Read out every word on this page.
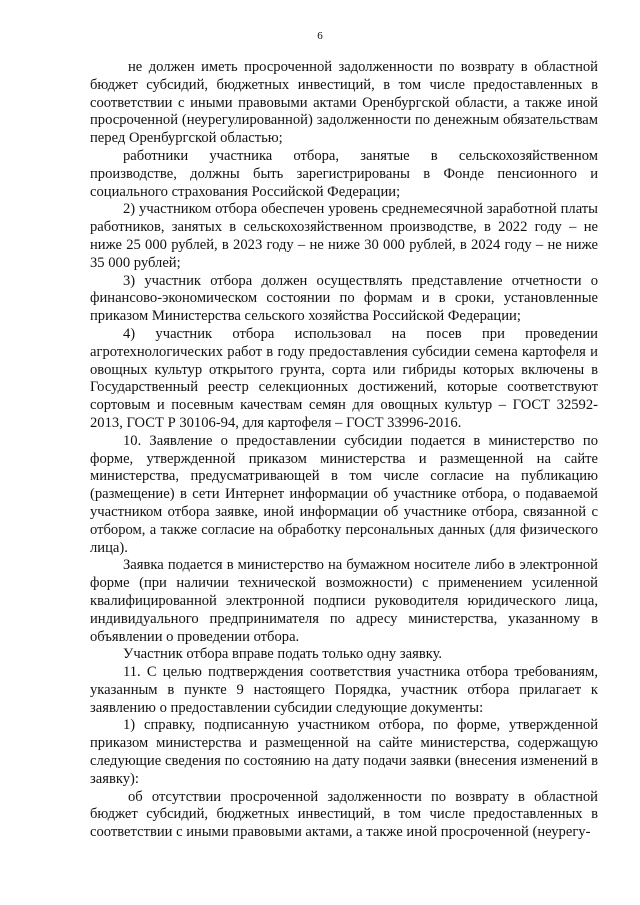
6

не должен иметь просроченной задолженности по возврату в областной бюджет субсидий, бюджетных инвестиций, в том числе предоставленных в соответствии с иными правовыми актами Оренбургской области, а также иной просроченной (неурегулированной) задолженности по денежным обязательствам перед Оренбургской областью;

работники участника отбора, занятые в сельскохозяйственном производстве, должны быть зарегистрированы в Фонде пенсионного и социального страхования Российской Федерации;

2) участником отбора обеспечен уровень среднемесячной заработной платы работников, занятых в сельскохозяйственном производстве, в 2022 году – не ниже 25 000 рублей, в 2023 году – не ниже 30 000 рублей, в 2024 году – не ниже 35 000 рублей;

3) участник отбора должен осуществлять представление отчетности о финансово-экономическом состоянии по формам и в сроки, установленные приказом Министерства сельского хозяйства Российской Федерации;

4) участник отбора использовал на посев при проведении агротехнологических работ в году предоставления субсидии семена картофеля и овощных культур открытого грунта, сорта или гибриды которых включены в Государственный реестр селекционных достижений, которые соответствуют сортовым и посевным качествам семян для овощных культур – ГОСТ 32592-2013, ГОСТ Р 30106-94, для картофеля – ГОСТ 33996-2016.

10. Заявление о предоставлении субсидии подается в министерство по форме, утвержденной приказом министерства и размещенной на сайте министерства, предусматривающей в том числе согласие на публикацию (размещение) в сети Интернет информации об участнике отбора, о подаваемой участником отбора заявке, иной информации об участнике отбора, связанной с отбором, а также согласие на обработку персональных данных (для физического лица).

Заявка подается в министерство на бумажном носителе либо в электронной форме (при наличии технической возможности) с применением усиленной квалифицированной электронной подписи руководителя юридического лица, индивидуального предпринимателя по адресу министерства, указанному в объявлении о проведении отбора.

Участник отбора вправе подать только одну заявку.

11. С целью подтверждения соответствия участника отбора требованиям, указанным в пункте 9 настоящего Порядка, участник отбора прилагает к заявлению о предоставлении субсидии следующие документы:

1) справку, подписанную участником отбора, по форме, утвержденной приказом министерства и размещенной на сайте министерства, содержащую следующие сведения по состоянию на дату подачи заявки (внесения изменений в заявку):

об отсутствии просроченной задолженности по возврату в областной бюджет субсидий, бюджетных инвестиций, в том числе предоставленных в соответствии с иными правовыми актами, а также иной просроченной (неурегу-
